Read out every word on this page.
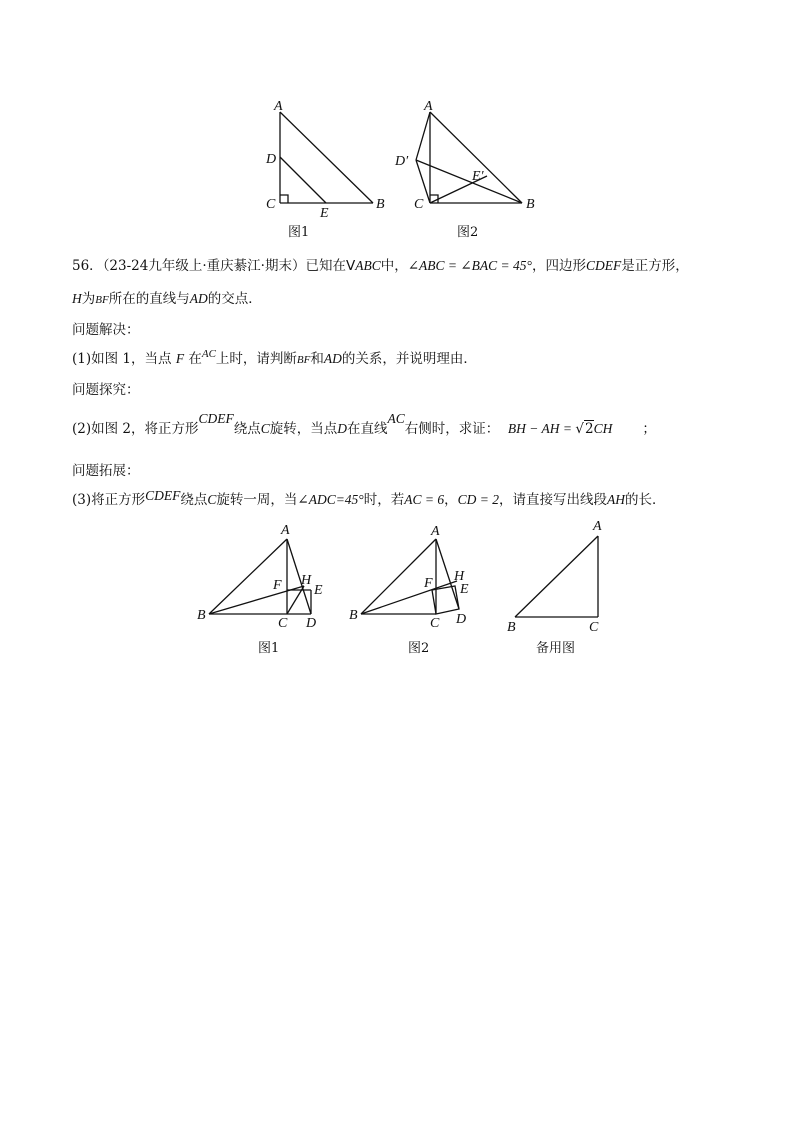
A
D
C
E
B
图1
A
D′
C
E′
B
图2
56．（23-24九年级上·重庆綦江·期末）已知在VABC中，∠ABC = ∠BAC = 45°，四边形CDEF是正方形，
H为BF所在的直线与AD的交点．
问题解决：
(1)如图 1，当点 F 在$^{AC}$上时，请判断BF和AD的关系，并说明理由．
问题探究：
(2)如图 2，将正方形CDEF绕点C旋转，当点D在直线AC右侧时，求证： BH − AH = √2CH ；
问题拓展：
(3)将正方形CDEF绕点C旋转一周，当∠ADC=45°时，若AC = 6，CD = 2，请直接写出线段AH的长．
A
F H
E
B
C D
图1
A
F H
E
B
C D
图2
A
B	C
备用图
